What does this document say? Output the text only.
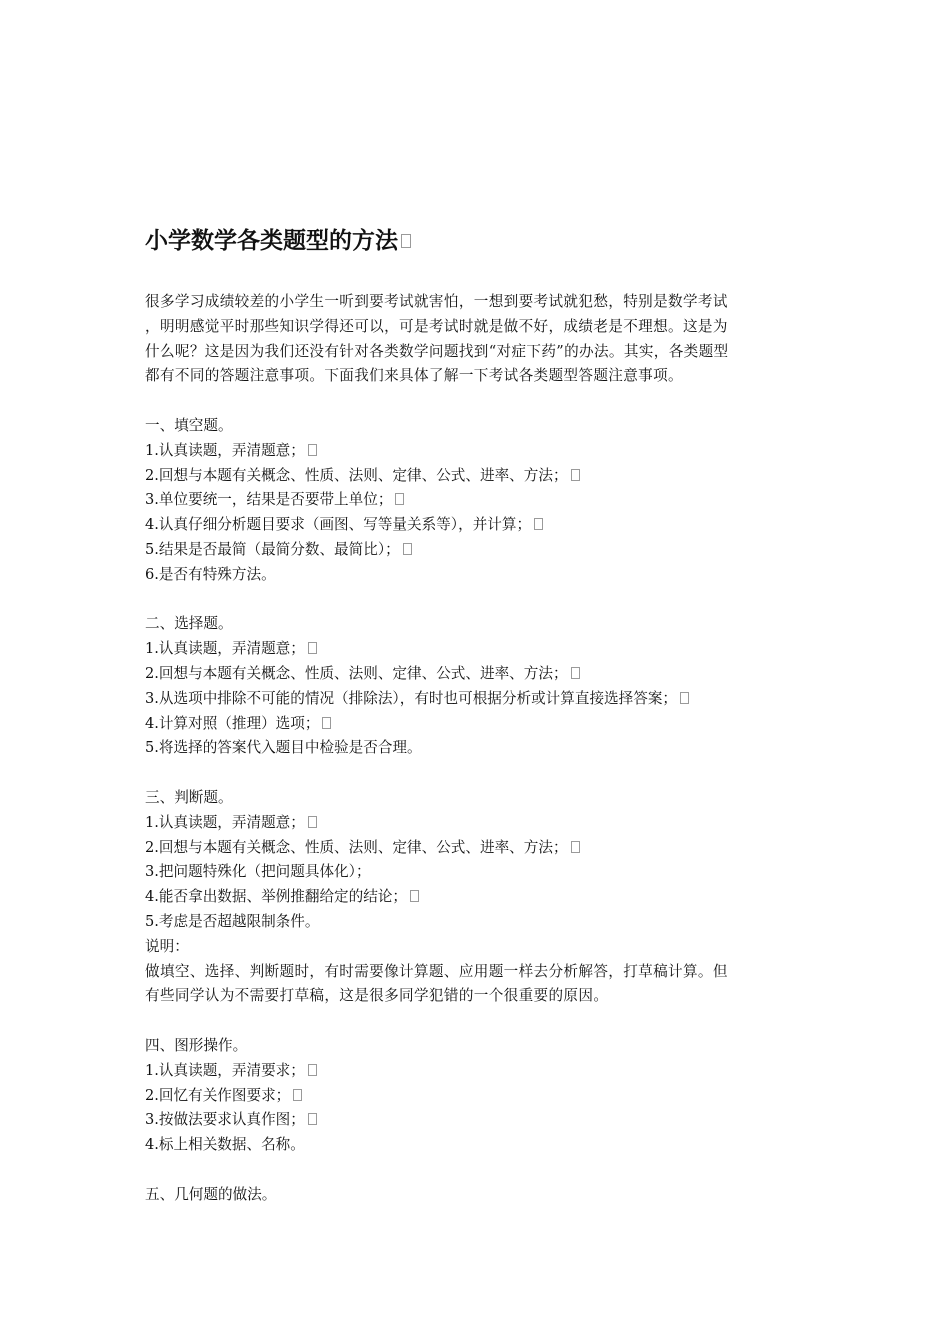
小学数学各类题型的方法
很多学习成绩较差的小学生一听到要考试就害怕，一想到要考试就犯愁，特别是数学考试
，明明感觉平时那些知识学得还可以，可是考试时就是做不好，成绩老是不理想。这是为
什么呢？这是因为我们还没有针对各类数学问题找到“对症下药”的办法。其实，各类题型
都有不同的答题注意事项。下面我们来具体了解一下考试各类题型答题注意事项。
一、填空题。
1.认真读题，弄清题意；
2.回想与本题有关概念、性质、法则、定律、公式、进率、方法；
3.单位要统一，结果是否要带上单位；
4.认真仔细分析题目要求（画图、写等量关系等），并计算；
5.结果是否最简（最简分数、最简比）；
6.是否有特殊方法。
二、选择题。
1.认真读题，弄清题意；
2.回想与本题有关概念、性质、法则、定律、公式、进率、方法；
3.从选项中排除不可能的情况（排除法），有时也可根据分析或计算直接选择答案；
4.计算对照（推理）选项；
5.将选择的答案代入题目中检验是否合理。
三、判断题。
1.认真读题，弄清题意；
2.回想与本题有关概念、性质、法则、定律、公式、进率、方法；
3.把问题特殊化（把问题具体化）；
4.能否拿出数据、举例推翻给定的结论；
5.考虑是否超越限制条件。
说明：
做填空、选择、判断题时，有时需要像计算题、应用题一样去分析解答，打草稿计算。但
有些同学认为不需要打草稿，这是很多同学犯错的一个很重要的原因。
四、图形操作。
1.认真读题，弄清要求；
2.回忆有关作图要求；
3.按做法要求认真作图；
4.标上相关数据、名称。
五、几何题的做法。
